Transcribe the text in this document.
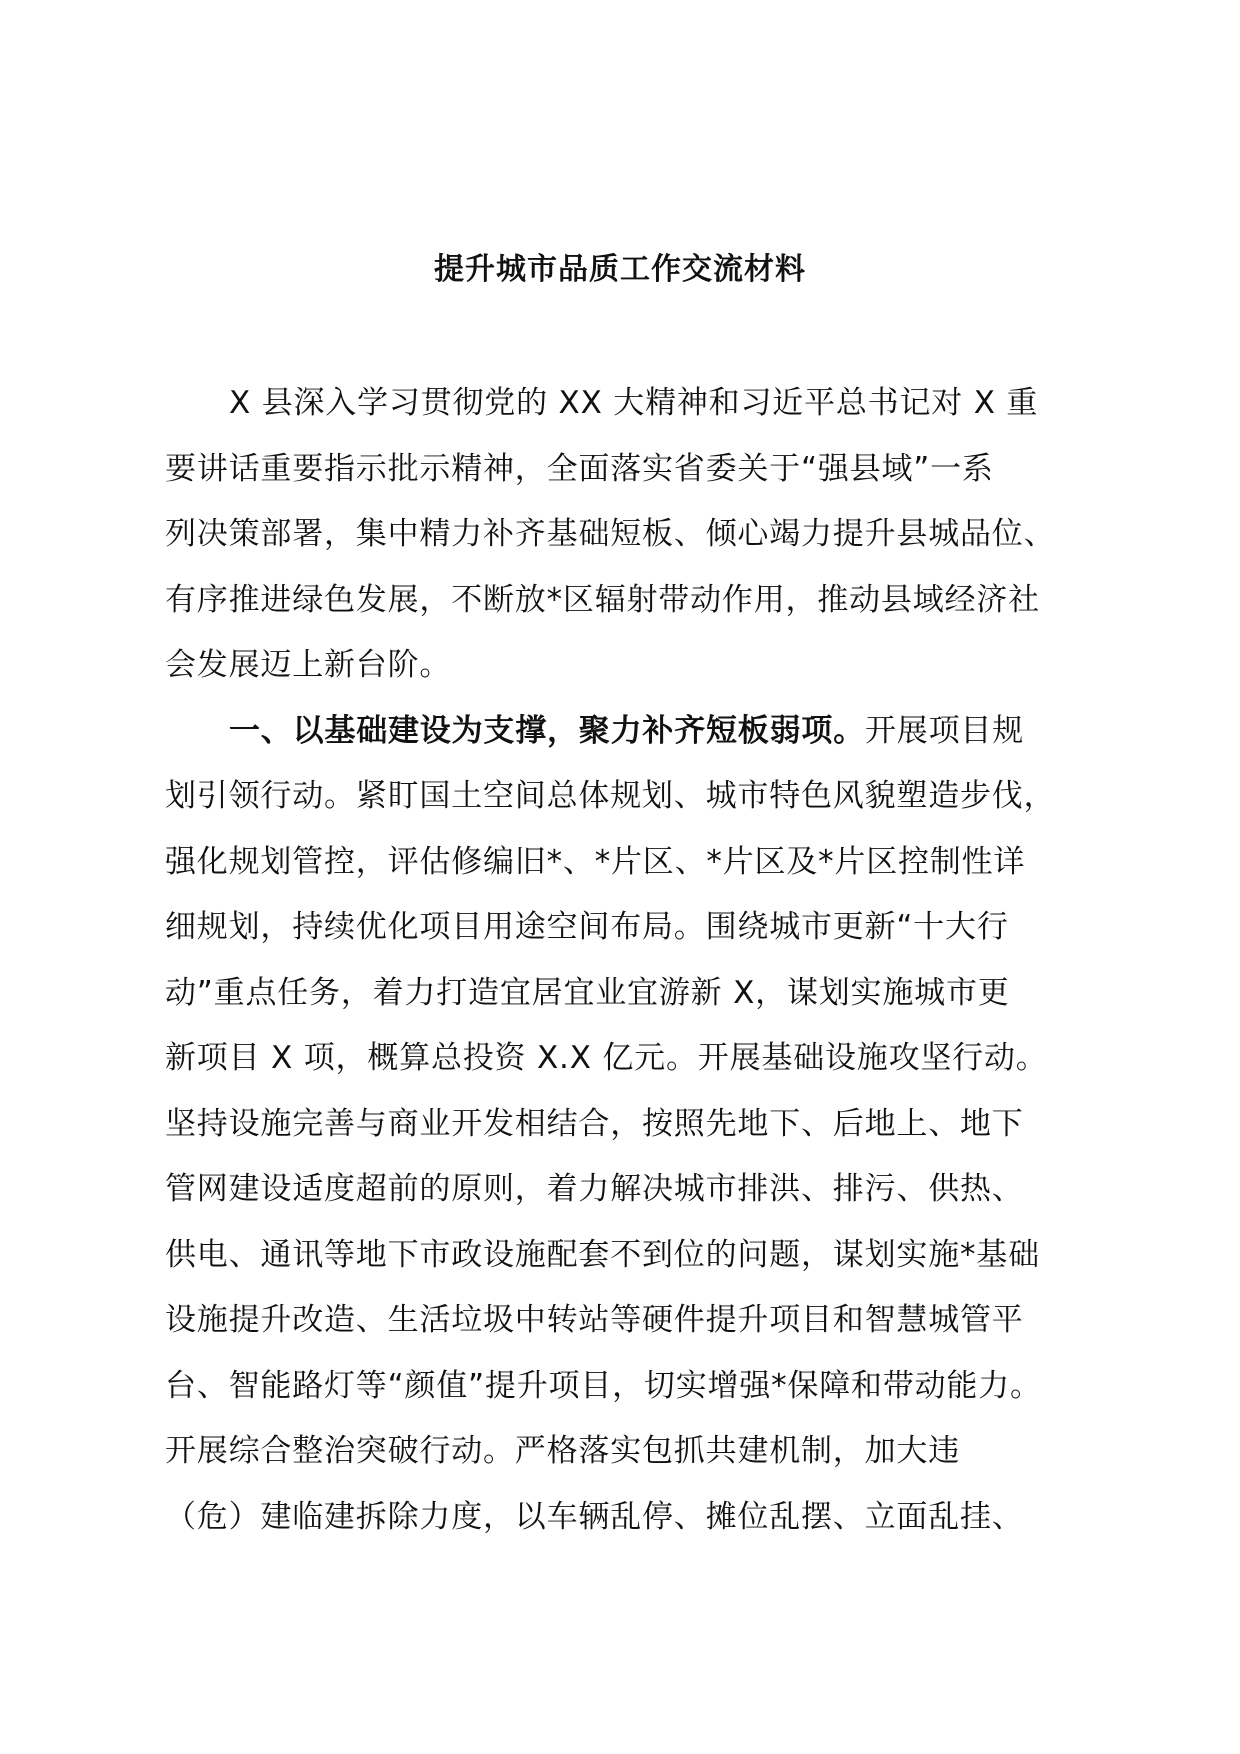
提升城市品质工作交流材料
X 县深入学习贯彻党的 XX 大精神和习近平总书记对 X 重
要讲话重要指示批示精神，全面落实省委关于“强县域”一系
列决策部署，集中精力补齐基础短板、倾心竭力提升县城品位、
有序推进绿色发展，不断放*区辐射带动作用，推动县域经济社
会发展迈上新台阶。
一、以基础建设为支撑，聚力补齐短板弱项。开展项目规
划引领行动。紧盯国土空间总体规划、城市特色风貌塑造步伐，
强化规划管控，评估修编旧*、*片区、*片区及*片区控制性详
细规划，持续优化项目用途空间布局。围绕城市更新“十大行
动”重点任务，着力打造宜居宜业宜游新 X，谋划实施城市更
新项目 X 项，概算总投资 X.X 亿元。开展基础设施攻坚行动。
坚持设施完善与商业开发相结合，按照先地下、后地上、地下
管网建设适度超前的原则，着力解决城市排洪、排污、供热、
供电、通讯等地下市政设施配套不到位的问题，谋划实施*基础
设施提升改造、生活垃圾中转站等硬件提升项目和智慧城管平
台、智能路灯等“颜值”提升项目，切实增强*保障和带动能力。
开展综合整治突破行动。严格落实包抓共建机制，加大违
（危）建临建拆除力度，以车辆乱停、摊位乱摆、立面乱挂、
